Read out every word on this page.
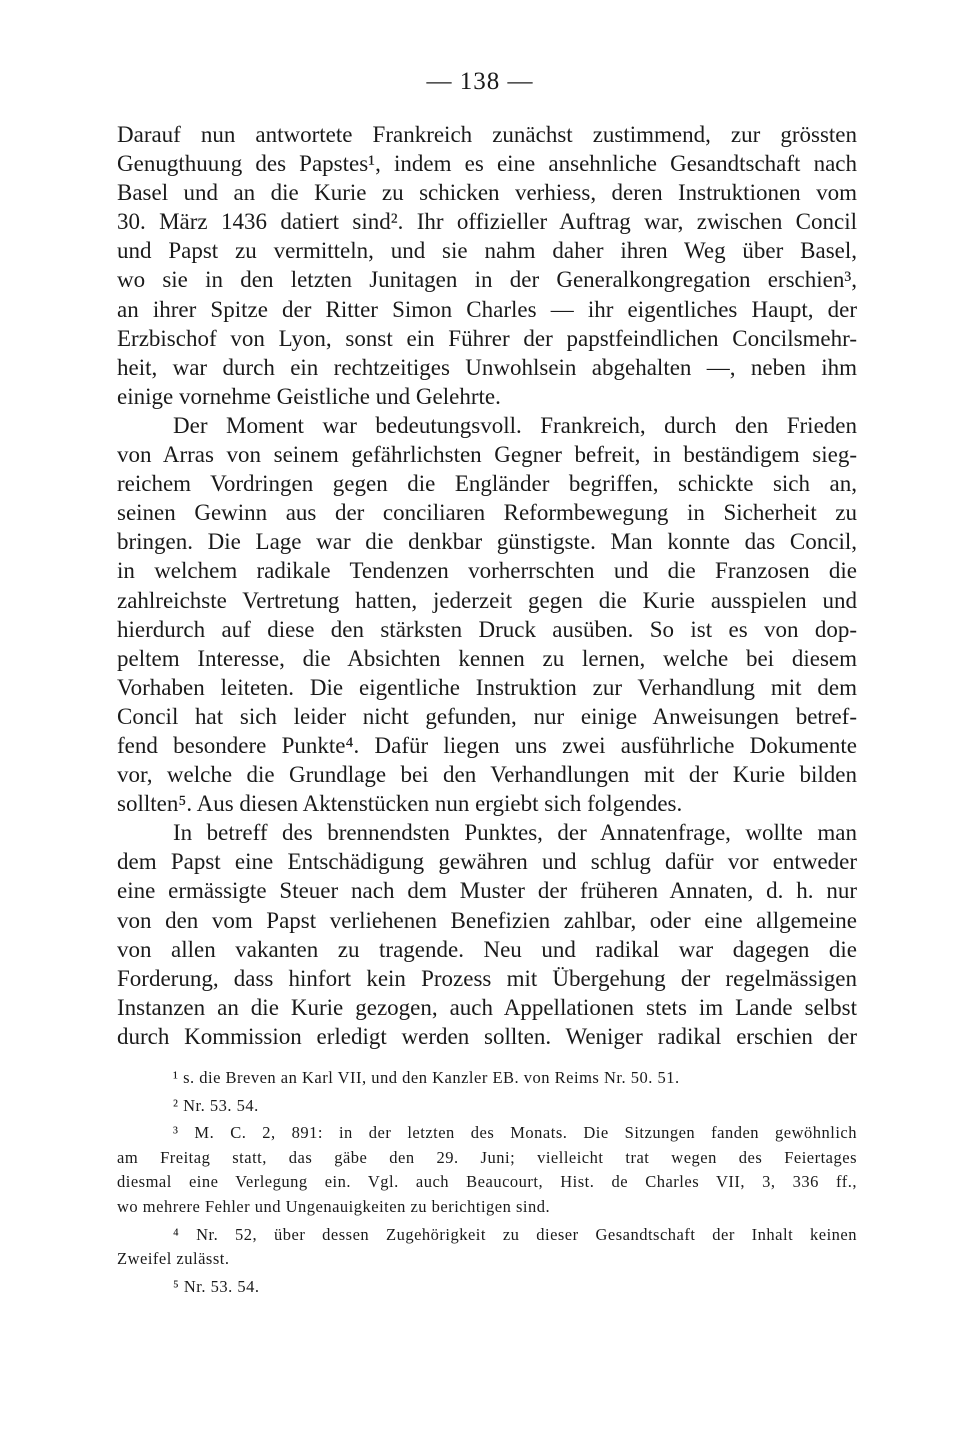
— 138 —
Darauf nun antwortete Frankreich zunächst zustimmend, zur grössten
Genugthuung des Papstes¹, indem es eine ansehnliche Gesandtschaft nach
Basel und an die Kurie zu schicken verhiess, deren Instruktionen vom
30. März 1436 datiert sind². Ihr offizieller Auftrag war, zwischen Concil
und Papst zu vermitteln, und sie nahm daher ihren Weg über Basel,
wo sie in den letzten Junitagen in der Generalkongregation erschien³,
an ihrer Spitze der Ritter Simon Charles — ihr eigentliches Haupt, der
Erzbischof von Lyon, sonst ein Führer der papstfeindlichen Concilsmehr-
heit, war durch ein rechtzeitiges Unwohlsein abgehalten —, neben ihm
einige vornehme Geistliche und Gelehrte.
Der Moment war bedeutungsvoll. Frankreich, durch den Frieden
von Arras von seinem gefährlichsten Gegner befreit, in beständigem sieg-
reichem Vordringen gegen die Engländer begriffen, schickte sich an,
seinen Gewinn aus der conciliaren Reformbewegung in Sicherheit zu
bringen. Die Lage war die denkbar günstigste. Man konnte das Concil,
in welchem radikale Tendenzen vorherrschten und die Franzosen die
zahlreichste Vertretung hatten, jederzeit gegen die Kurie ausspielen und
hierdurch auf diese den stärksten Druck ausüben. So ist es von dop-
peltem Interesse, die Absichten kennen zu lernen, welche bei diesem
Vorhaben leiteten. Die eigentliche Instruktion zur Verhandlung mit dem
Concil hat sich leider nicht gefunden, nur einige Anweisungen betref-
fend besondere Punkte⁴. Dafür liegen uns zwei ausführliche Dokumente
vor, welche die Grundlage bei den Verhandlungen mit der Kurie bilden
sollten⁵. Aus diesen Aktenstücken nun ergiebt sich folgendes.
In betreff des brennendsten Punktes, der Annatenfrage, wollte man
dem Papst eine Entschädigung gewähren und schlug dafür vor entweder
eine ermässigte Steuer nach dem Muster der früheren Annaten, d. h. nur
von den vom Papst verliehenen Benefizien zahlbar, oder eine allgemeine
von allen vakanten zu tragende. Neu und radikal war dagegen die
Forderung, dass hinfort kein Prozess mit Übergehung der regelmässigen
Instanzen an die Kurie gezogen, auch Appellationen stets im Lande selbst
durch Kommission erledigt werden sollten. Weniger radikal erschien der
¹ s. die Breven an Karl VII, und den Kanzler EB. von Reims Nr. 50. 51.
² Nr. 53. 54.
³ M. C. 2, 891: in der letzten des Monats. Die Sitzungen fanden gewöhnlich
am Freitag statt, das gäbe den 29. Juni; vielleicht trat wegen des Feiertages
diesmal eine Verlegung ein. Vgl. auch Beaucourt, Hist. de Charles VII, 3, 336 ff.,
wo mehrere Fehler und Ungenauigkeiten zu berichtigen sind.
⁴ Nr. 52, über dessen Zugehörigkeit zu dieser Gesandtschaft der Inhalt keinen
Zweifel zulässt.
⁵ Nr. 53. 54.
